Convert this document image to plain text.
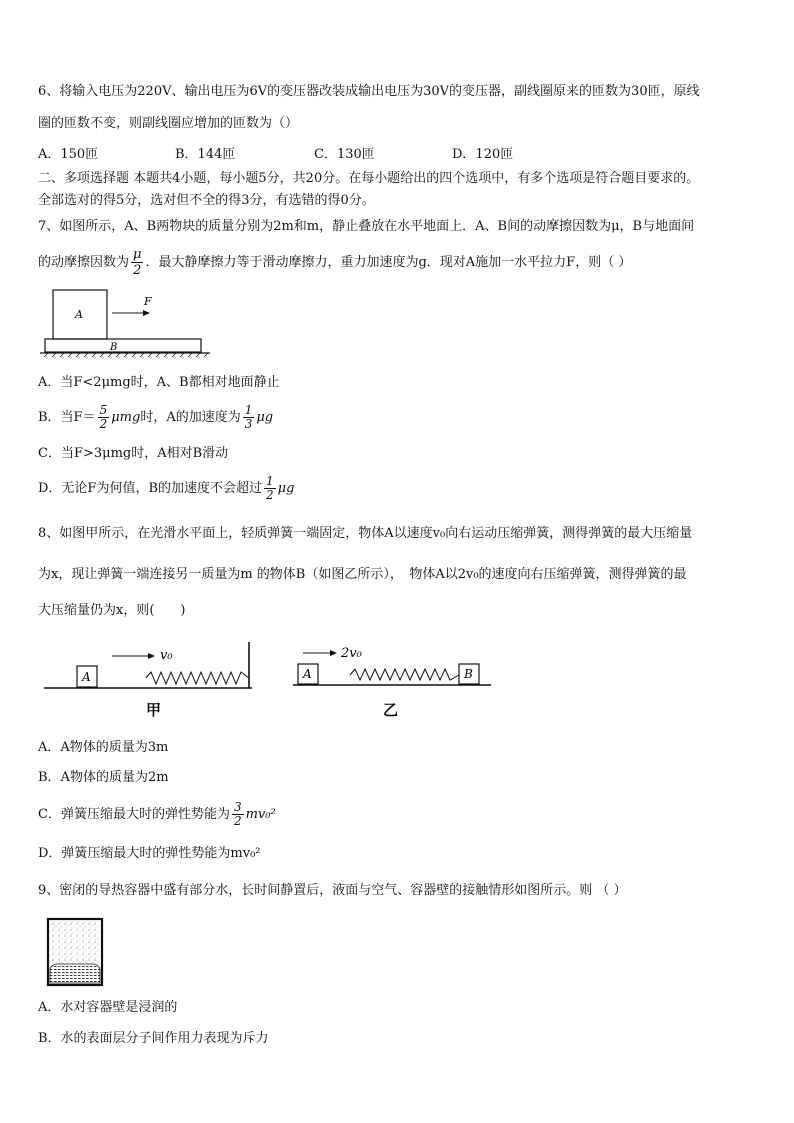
6、将输入电压为220V、输出电压为6V的变压器改装成输出电压为30V的变压器，副线圈原来的匝数为30匝，原线
圈的匝数不变，则副线圈应增加的匝数为（）
A．150匝	B．144匝	C．130匝	D．120匝
二、多项选择题 本题共4小题，每小题5分，共20分。在每小题给出的四个选项中，有多个选项是符合题目要求的。
全部选对的得5分，选对但不全的得3分，有选错的得0分。
7、如图所示，A、B两物块的质量分别为2m和m，静止叠放在水平地面上．A、B间的动摩擦因数为μ，B与地面间
的动摩擦因数为 $\frac{\mu}{2}$ ．最大静摩擦力等于滑动摩擦力，重力加速度为g．现对A施加一水平拉力F，则（ ）
A
F
B
A．当F<2μmg时，A、B都相对地面静止
B．当$F= \frac{5}{2}$ μmg时，A的加速度为 $\frac{1}{3}$ μg
C．当F>3μmg时，A相对B滑动
D．无论F为何值，B的加速度不会超过 $\frac{1}{2}$ μg
8、如图甲所示，在光滑水平面上，轻质弹簧一端固定，物体A以速度v₀向右运动压缩弹簧，测得弹簧的最大压缩量
为x，现让弹簧一端连接另一质量为m 的物体B（如图乙所示），　物体A以2v₀的速度向右压缩弹簧，测得弹簧的最
大压缩量仍为x，则(　　)
A
v₀
甲
A	B
2v₀
乙
A．A物体的质量为3m
B．A物体的质量为2m
C．弹簧压缩最大时的弹性势能为 $\frac{3}{2} mv_0^2$
D．弹簧压缩最大时的弹性势能为mv₀²
9、密闭的导热容器中盛有部分水，长时间静置后，液面与空气、容器壁的接触情形如图所示。则 （ ）
A．水对容器壁是浸润的
B．水的表面层分子间作用力表现为斥力
